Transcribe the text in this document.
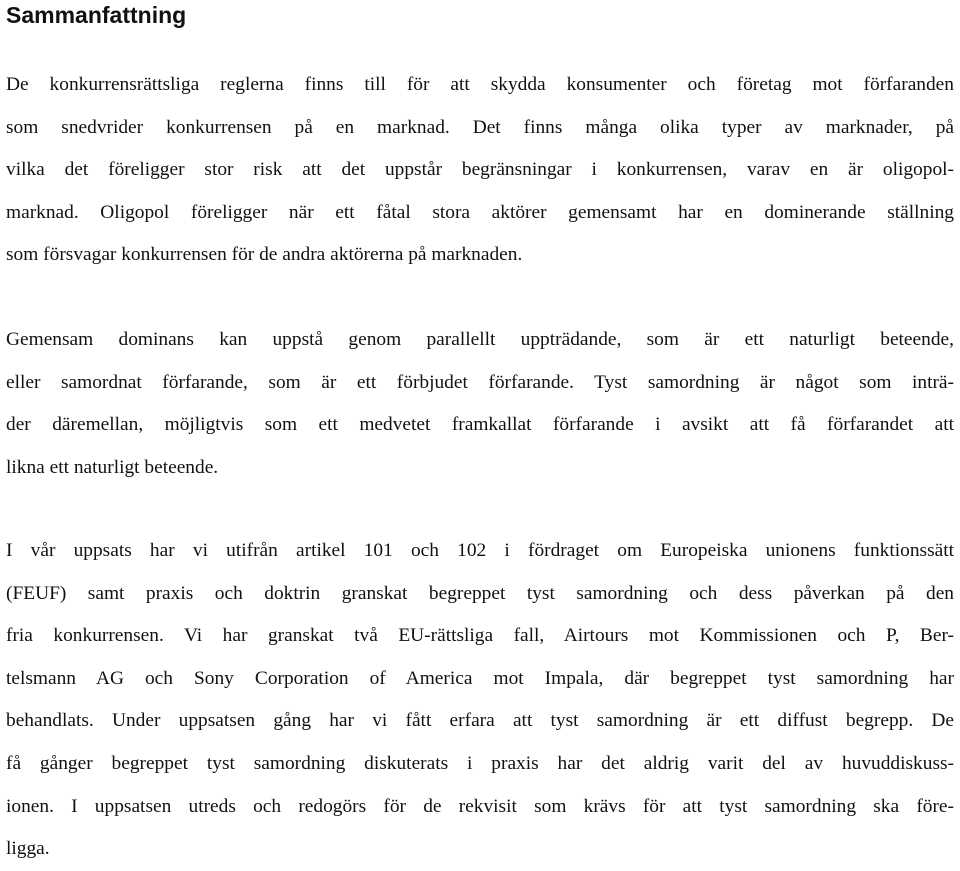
Sammanfattning

De konkurrensrättsliga reglerna finns till för att skydda konsumenter och företag mot förfaranden
som snedvrider konkurrensen på en marknad. Det finns många olika typer av marknader, på
vilka det föreligger stor risk att det uppstår begränsningar i konkurrensen, varav en är oligopol-
marknad. Oligopol föreligger när ett fåtal stora aktörer gemensamt har en dominerande ställning
som försvagar konkurrensen för de andra aktörerna på marknaden.

Gemensam dominans kan uppstå genom parallellt uppträdande, som är ett naturligt beteende,
eller samordnat förfarande, som är ett förbjudet förfarande. Tyst samordning är något som inträ-
der däremellan, möjligtvis som ett medvetet framkallat förfarande i avsikt att få förfarandet att
likna ett naturligt beteende.

I vår uppsats har vi utifrån artikel 101 och 102 i fördraget om Europeiska unionens funktionssätt
(FEUF) samt praxis och doktrin granskat begreppet tyst samordning och dess påverkan på den
fria konkurrensen. Vi har granskat två EU-rättsliga fall, Airtours mot Kommissionen och P, Ber-
telsmann AG och Sony Corporation of America mot Impala, där begreppet tyst samordning har
behandlats. Under uppsatsen gång har vi fått erfara att tyst samordning är ett diffust begrepp. De
få gånger begreppet tyst samordning diskuterats i praxis har det aldrig varit del av huvuddiskuss-
ionen. I uppsatsen utreds och redogörs för de rekvisit som krävs för att tyst samordning ska före-
ligga.
